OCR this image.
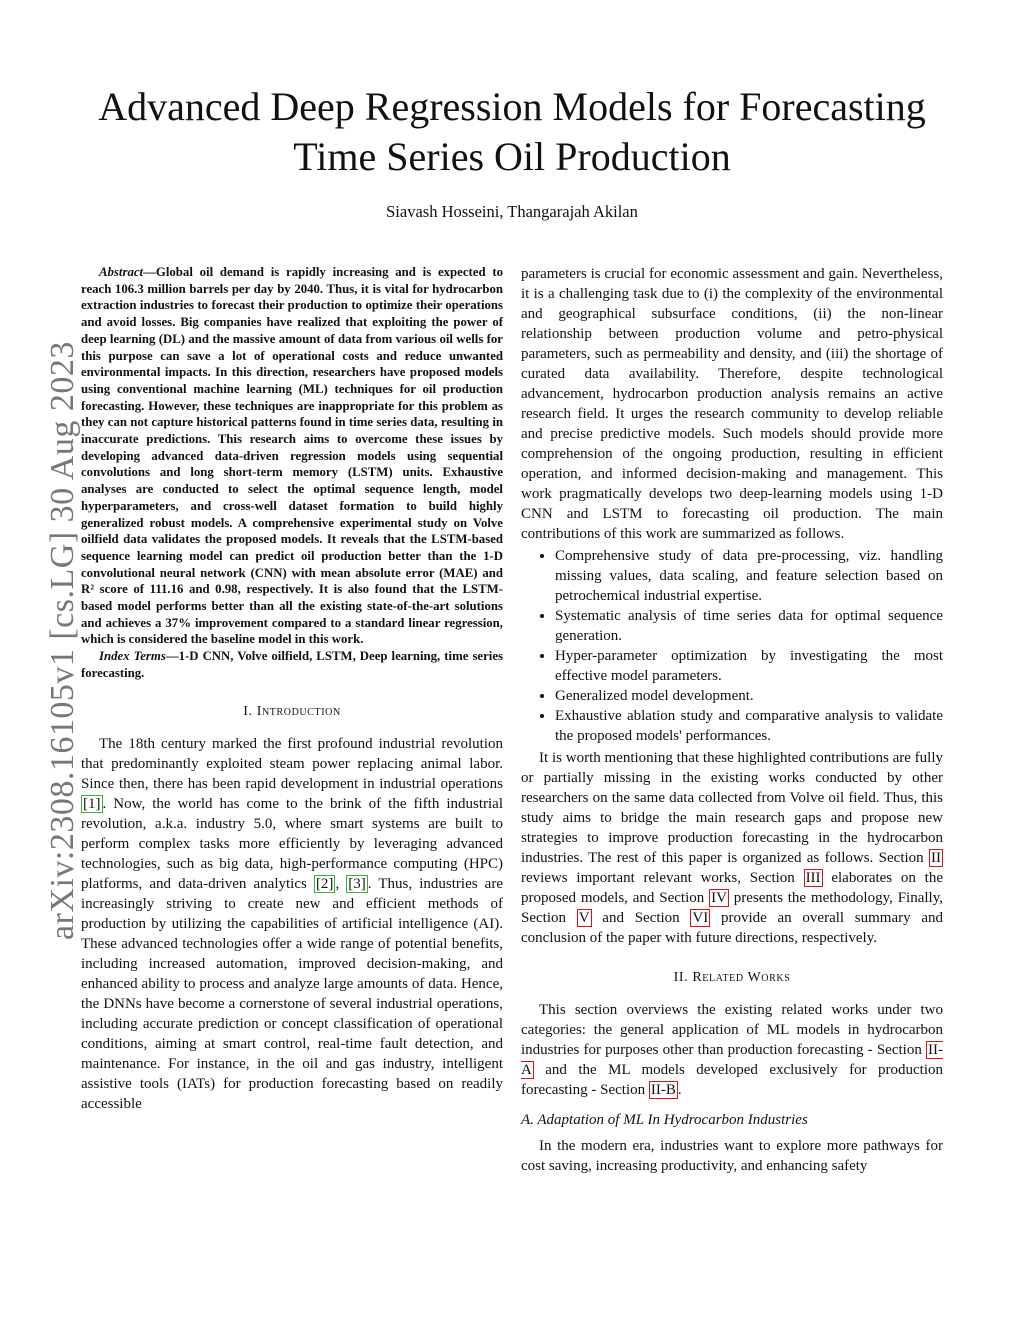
arXiv:2308.16105v1 [cs.LG] 30 Aug 2023
Advanced Deep Regression Models for Forecasting
Time Series Oil Production
Siavash Hosseini, Thangarajah Akilan

Abstract—Global oil demand is rapidly increasing and is expected to reach 106.3 million barrels per day by 2040. Thus, it is vital for hydrocarbon extraction industries to forecast their production to optimize their operations and avoid losses. Big companies have realized that exploiting the power of deep learning (DL) and the massive amount of data from various oil wells for this purpose can save a lot of operational costs and reduce unwanted environmental impacts. In this direction, researchers have proposed models using conventional machine learning (ML) techniques for oil production forecasting. However, these techniques are inappropriate for this problem as they can not capture historical patterns found in time series data, resulting in inaccurate predictions. This research aims to overcome these issues by developing advanced data-driven regression models using sequential convolutions and long short-term memory (LSTM) units. Exhaustive analyses are conducted to select the optimal sequence length, model hyperparameters, and cross-well dataset formation to build highly generalized robust models. A comprehensive experimental study on Volve oilfield data validates the proposed models. It reveals that the LSTM-based sequence learning model can predict oil production better than the 1-D convolutional neural network (CNN) with mean absolute error (MAE) and R² score of 111.16 and 0.98, respectively. It is also found that the LSTM-based model performs better than all the existing state-of-the-art solutions and achieves a 37% improvement compared to a standard linear regression, which is considered the baseline model in this work.

Index Terms—1-D CNN, Volve oilfield, LSTM, Deep learning, time series forecasting.

I. Introduction

The 18th century marked the first profound industrial revolution that predominantly exploited steam power replacing animal labor. Since then, there has been rapid development in industrial operations [1] . Now, the world has come to the brink of the fifth industrial revolution, a.k.a. industry 5.0, where smart systems are built to perform complex tasks more efficiently by leveraging advanced technologies, such as big data, high-performance computing (HPC) platforms, and data-driven analytics [2] , [3] . Thus, industries are increasingly striving to create new and efficient methods of production by utilizing the capabilities of artificial intelligence (AI). These advanced technologies offer a wide range of potential benefits, including increased automation, improved decision-making, and enhanced ability to process and analyze large amounts of data. Hence, the DNNs have become a cornerstone of several industrial operations, including accurate prediction or concept classification of operational conditions, aiming at smart control, real-time fault detection, and maintenance. For instance, in the oil and gas industry, intelligent assistive tools (IATs) for production forecasting based on readily accessible

parameters is crucial for economic assessment and gain. Nevertheless, it is a challenging task due to (i) the complexity of the environmental and geographical subsurface conditions, (ii) the non-linear relationship between production volume and petro-physical parameters, such as permeability and density, and (iii) the shortage of curated data availability. Therefore, despite technological advancement, hydrocarbon production analysis remains an active research field. It urges the research community to develop reliable and precise predictive models. Such models should provide more comprehension of the ongoing production, resulting in efficient operation, and informed decision-making and management. This work pragmatically develops two deep-learning models using 1-D CNN and LSTM to forecasting oil production. The main contributions of this work are summarized as follows.

• Comprehensive study of data pre-processing, viz. handling missing values, data scaling, and feature selection based on petrochemical industrial expertise.
• Systematic analysis of time series data for optimal sequence generation.
• Hyper-parameter optimization by investigating the most effective model parameters.
• Generalized model development.
• Exhaustive ablation study and comparative analysis to validate the proposed models' performances.

It is worth mentioning that these highlighted contributions are fully or partially missing in the existing works conducted by other researchers on the same data collected from Volve oil field. Thus, this study aims to bridge the main research gaps and propose new strategies to improve production forecasting in the hydrocarbon industries. The rest of this paper is organized as follows. Section II reviews important relevant works, Section III elaborates on the proposed models, and Section IV presents the methodology, Finally, Section V and Section VI provide an overall summary and conclusion of the paper with future directions, respectively.

II. Related Works

This section overviews the existing related works under two categories: the general application of ML models in hydrocarbon industries for purposes other than production forecasting - Section II-A and the ML models developed exclusively for production forecasting - Section II-B .

A. Adaptation of ML In Hydrocarbon Industries

In the modern era, industries want to explore more pathways for cost saving, increasing productivity, and enhancing safety
